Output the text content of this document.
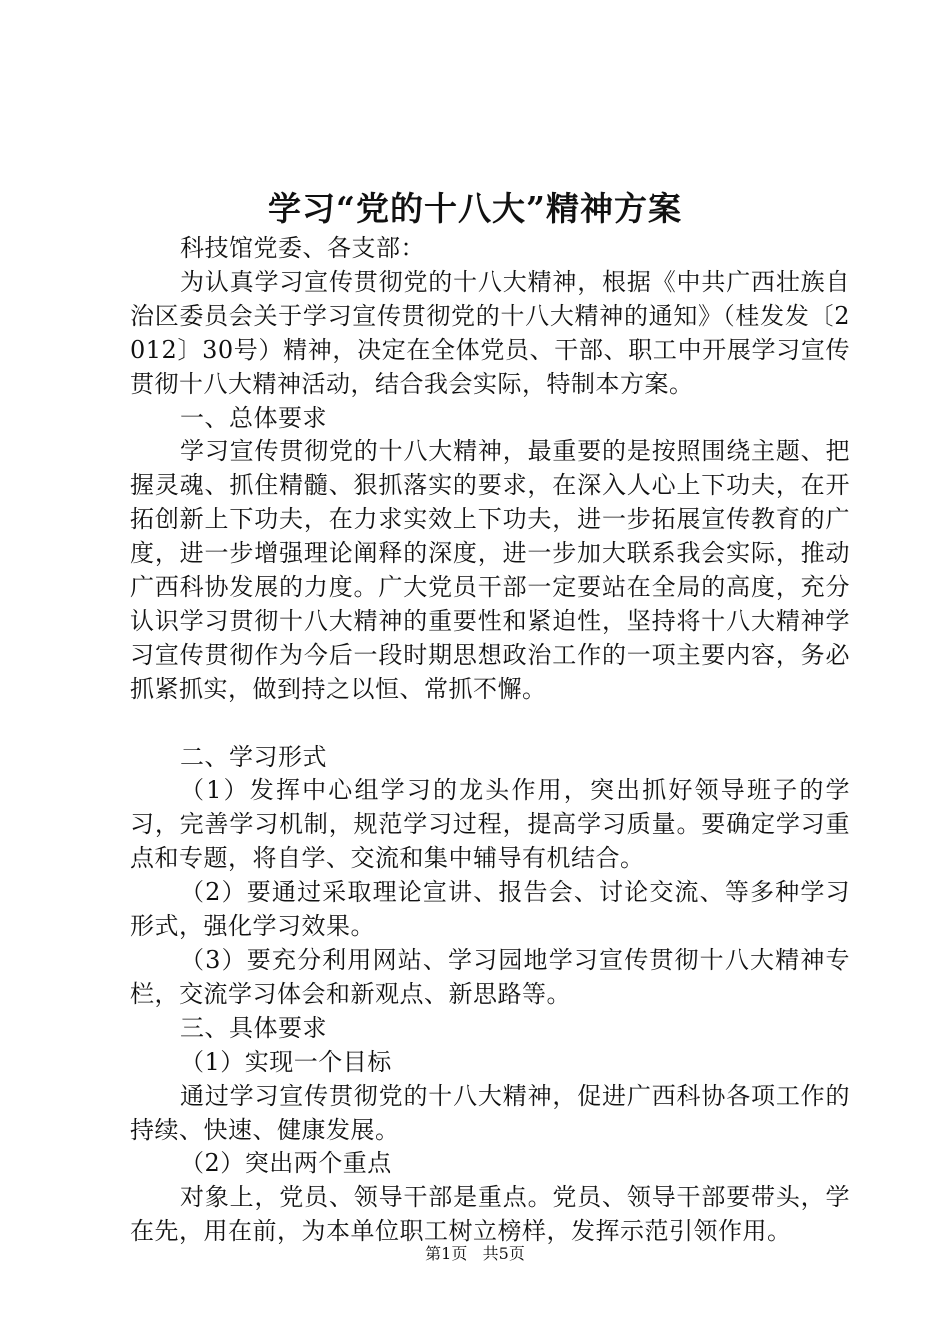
学习“党的十八大”精神方案

科技馆党委、各支部：

为认真学习宣传贯彻党的十八大精神，根据《中共广西壮族自治区委员会关于学习宣传贯彻党的十八大精神的通知》（桂发发〔2012〕30号）精神，决定在全体党员、干部、职工中开展学习宣传贯彻十八大精神活动，结合我会实际，特制本方案。

一、总体要求

学习宣传贯彻党的十八大精神，最重要的是按照围绕主题、把握灵魂、抓住精髓、狠抓落实的要求，在深入人心上下功夫，在开拓创新上下功夫，在力求实效上下功夫，进一步拓展宣传教育的广度，进一步增强理论阐释的深度，进一步加大联系我会实际，推动广西科协发展的力度。广大党员干部一定要站在全局的高度，充分认识学习贯彻十八大精神的重要性和紧迫性，坚持将十八大精神学习宣传贯彻作为今后一段时期思想政治工作的一项主要内容，务必抓紧抓实，做到持之以恒、常抓不懈。

二、学习形式

（1）发挥中心组学习的龙头作用，突出抓好领导班子的学习，完善学习机制，规范学习过程，提高学习质量。要确定学习重点和专题，将自学、交流和集中辅导有机结合。

（2）要通过采取理论宣讲、报告会、讨论交流、等多种学习形式，强化学习效果。

（3）要充分利用网站、学习园地学习宣传贯彻十八大精神专栏，交流学习体会和新观点、新思路等。

三、具体要求

（1）实现一个目标

通过学习宣传贯彻党的十八大精神，促进广西科协各项工作的持续、快速、健康发展。

（2）突出两个重点

对象上，党员、领导干部是重点。党员、领导干部要带头，学在先，用在前，为本单位职工树立榜样，发挥示范引领作用。

第1页 共5页
